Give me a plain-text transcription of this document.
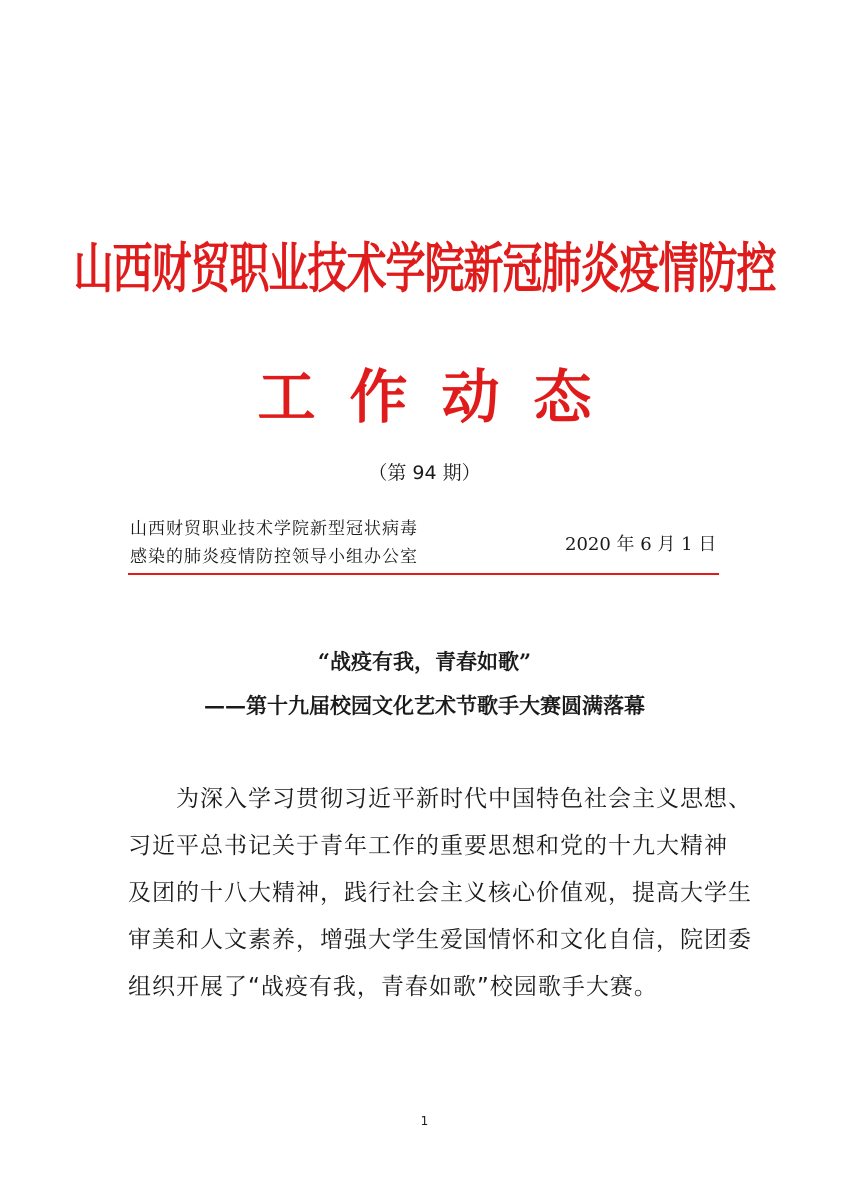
山西财贸职业技术学院新冠肺炎疫情防控
工作动态
（第 94 期）
山西财贸职业技术学院新型冠状病毒
感染的肺炎疫情防控领导小组办公室
2020 年 6 月 1 日
“战疫有我，青春如歌”
——第十九届校园文化艺术节歌手大赛圆满落幕
为深入学习贯彻习近平新时代中国特色社会主义思想、
习近平总书记关于青年工作的重要思想和党的十九大精神
及团的十八大精神，践行社会主义核心价值观，提高大学生
审美和人文素养，增强大学生爱国情怀和文化自信，院团委
组织开展了“战疫有我，青春如歌”校园歌手大赛。
1
